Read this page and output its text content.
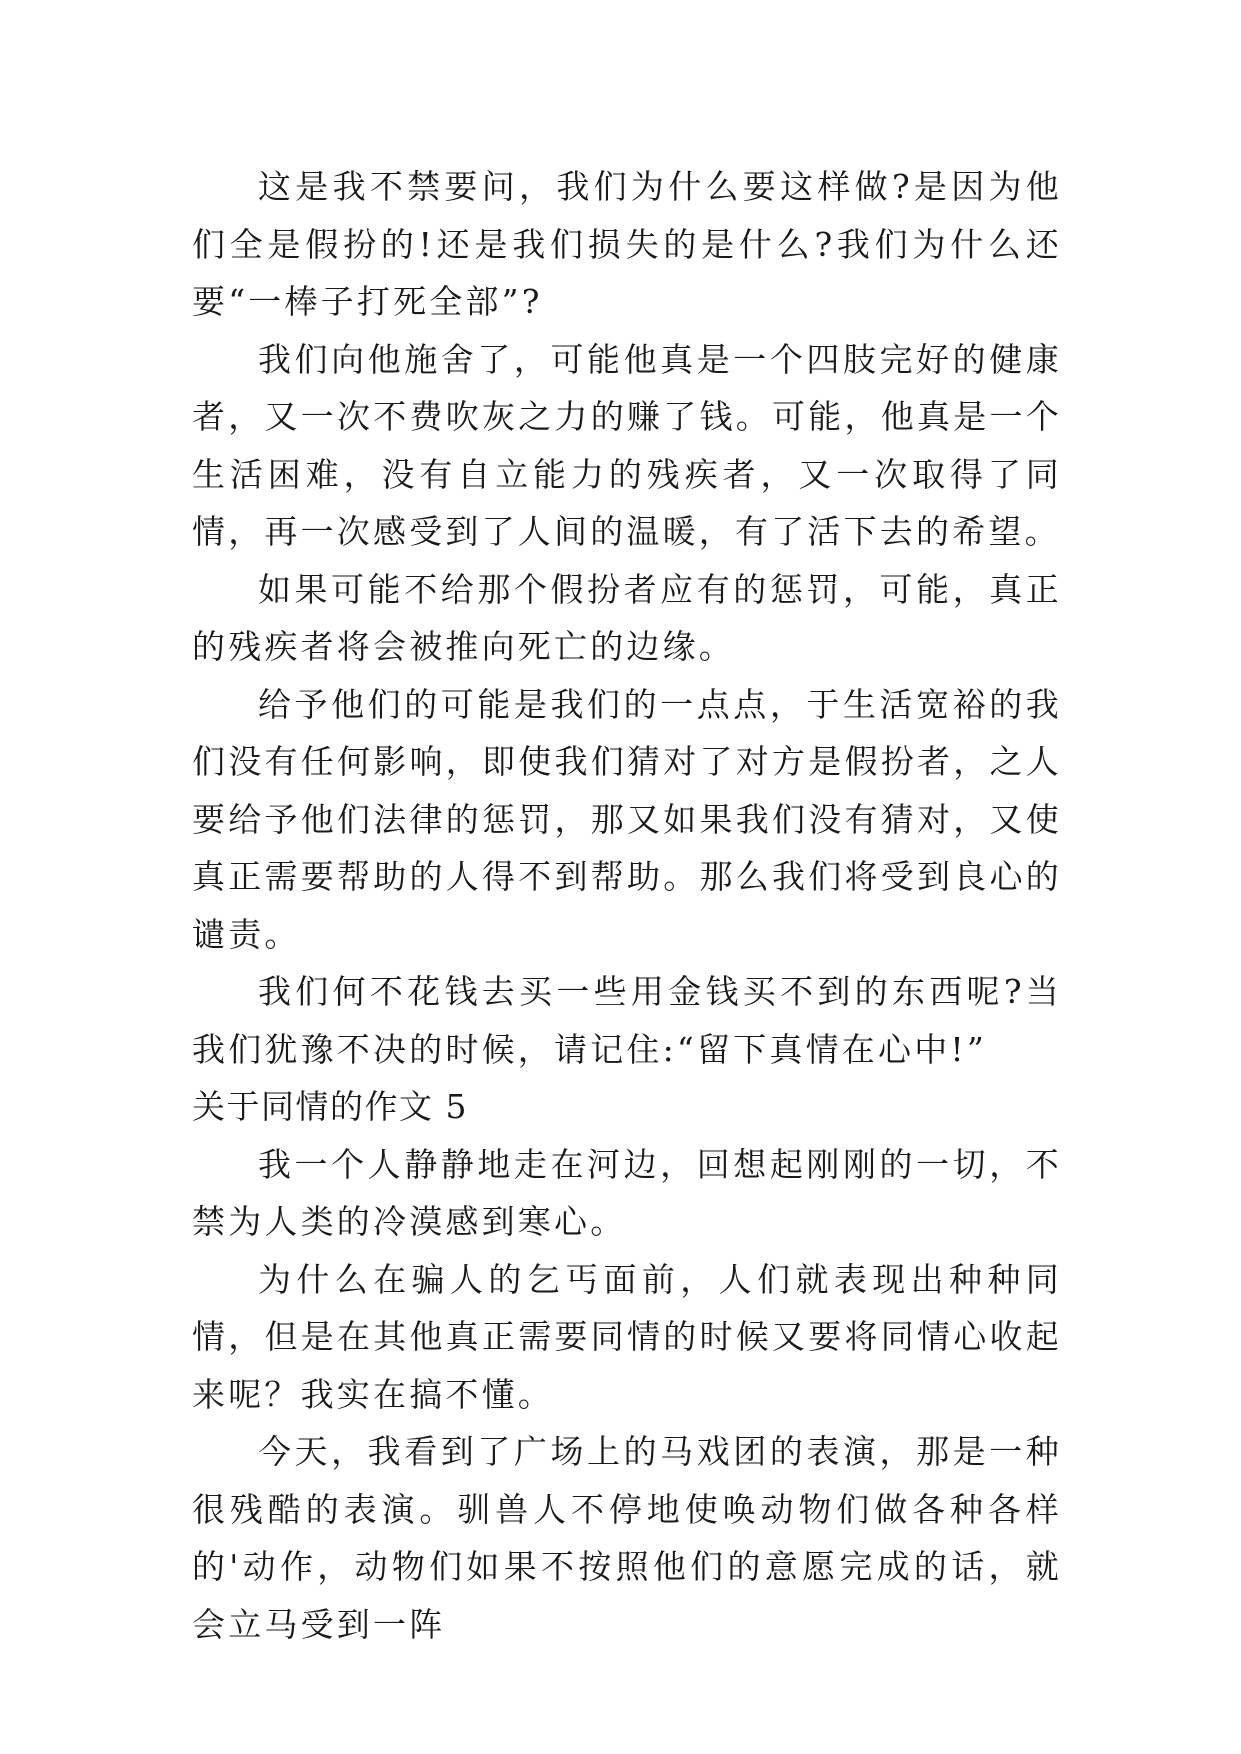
这是我不禁要问，我们为什么要这样做?是因为他们全是假扮的!还是我们损失的是什么?我们为什么还要“一棒子打死全部”?

我们向他施舍了，可能他真是一个四肢完好的健康者，又一次不费吹灰之力的赚了钱。可能，他真是一个生活困难，没有自立能力的残疾者，又一次取得了同情，再一次感受到了人间的温暖，有了活下去的希望。

如果可能不给那个假扮者应有的惩罚，可能，真正的残疾者将会被推向死亡的边缘。

给予他们的可能是我们的一点点，于生活宽裕的我们没有任何影响，即使我们猜对了对方是假扮者，之人要给予他们法律的惩罚，那又如果我们没有猜对，又使真正需要帮助的人得不到帮助。那么我们将受到良心的谴责。

我们何不花钱去买一些用金钱买不到的东西呢?当我们犹豫不决的时候，请记住:“留下真情在心中!”

关于同情的作文 5

我一个人静静地走在河边，回想起刚刚的一切，不禁为人类的冷漠感到寒心。

为什么在骗人的乞丐面前，人们就表现出种种同情，但是在其他真正需要同情的时候又要将同情心收起来呢？我实在搞不懂。

今天，我看到了广场上的马戏团的表演，那是一种很残酷的表演。驯兽人不停地使唤动物们做各种各样的'动作，动物们如果不按照他们的意愿完成的话，就会立马受到一阵
